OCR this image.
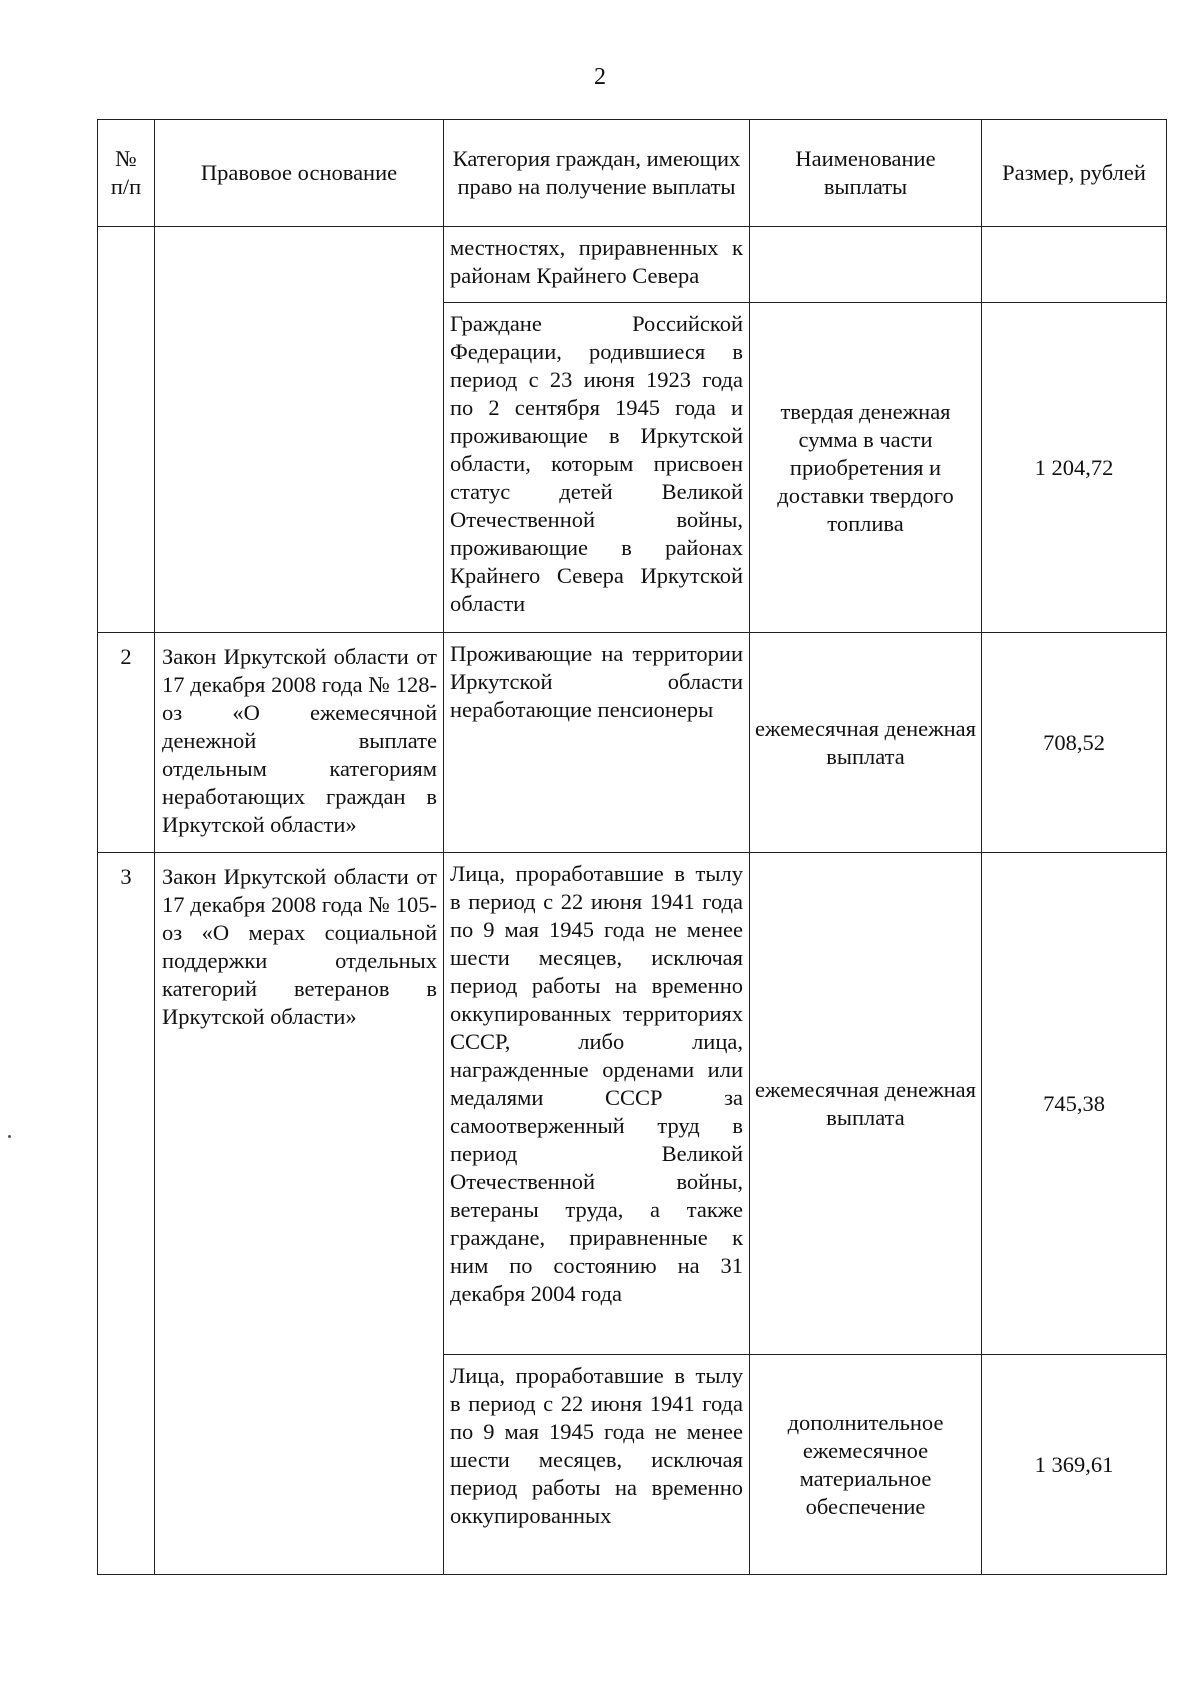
2
№ п/п	Правовое основание	Категория граждан, имеющих право на получение выплаты	Наименование выплаты	Размер, рублей

		местностях, приравненных к районам Крайнего Севера		

		Граждане Российской Федерации, родившиеся в период с 23 июня 1923 года по 2 сентября 1945 года и проживающие в Иркутской области, которым присвоен статус детей Великой Отечественной войны, проживающие в районах Крайнего Севера Иркутской области	твердая денежная сумма в части приобретения и доставки твердого топлива	1 204,72

2	Закон Иркутской области от 17 декабря 2008 года № 128-оз «О ежемесячной денежной выплате отдельным категориям неработающих граждан в Иркутской области»	Проживающие на территории Иркутской области неработающие пенсионеры	ежемесячная денежная выплата	708,52

3	Закон Иркутской области от 17 декабря 2008 года № 105-оз «О мерах социальной поддержки отдельных категорий ветеранов в Иркутской области»	Лица, проработавшие в тылу в период с 22 июня 1941 года по 9 мая 1945 года не менее шести месяцев, исключая период работы на временно оккупированных территориях СССР, либо лица, награжденные орденами или медалями СССР за самоотверженный труд в период Великой Отечественной войны, ветераны труда, а также граждане, приравненные к ним по состоянию на 31 декабря 2004 года	ежемесячная денежная выплата	745,38

		Лица, проработавшие в тылу в период с 22 июня 1941 года по 9 мая 1945 года не менее шести месяцев, исключая период работы на временно оккупированных	дополнительное ежемесячное материальное обеспечение	1 369,61
